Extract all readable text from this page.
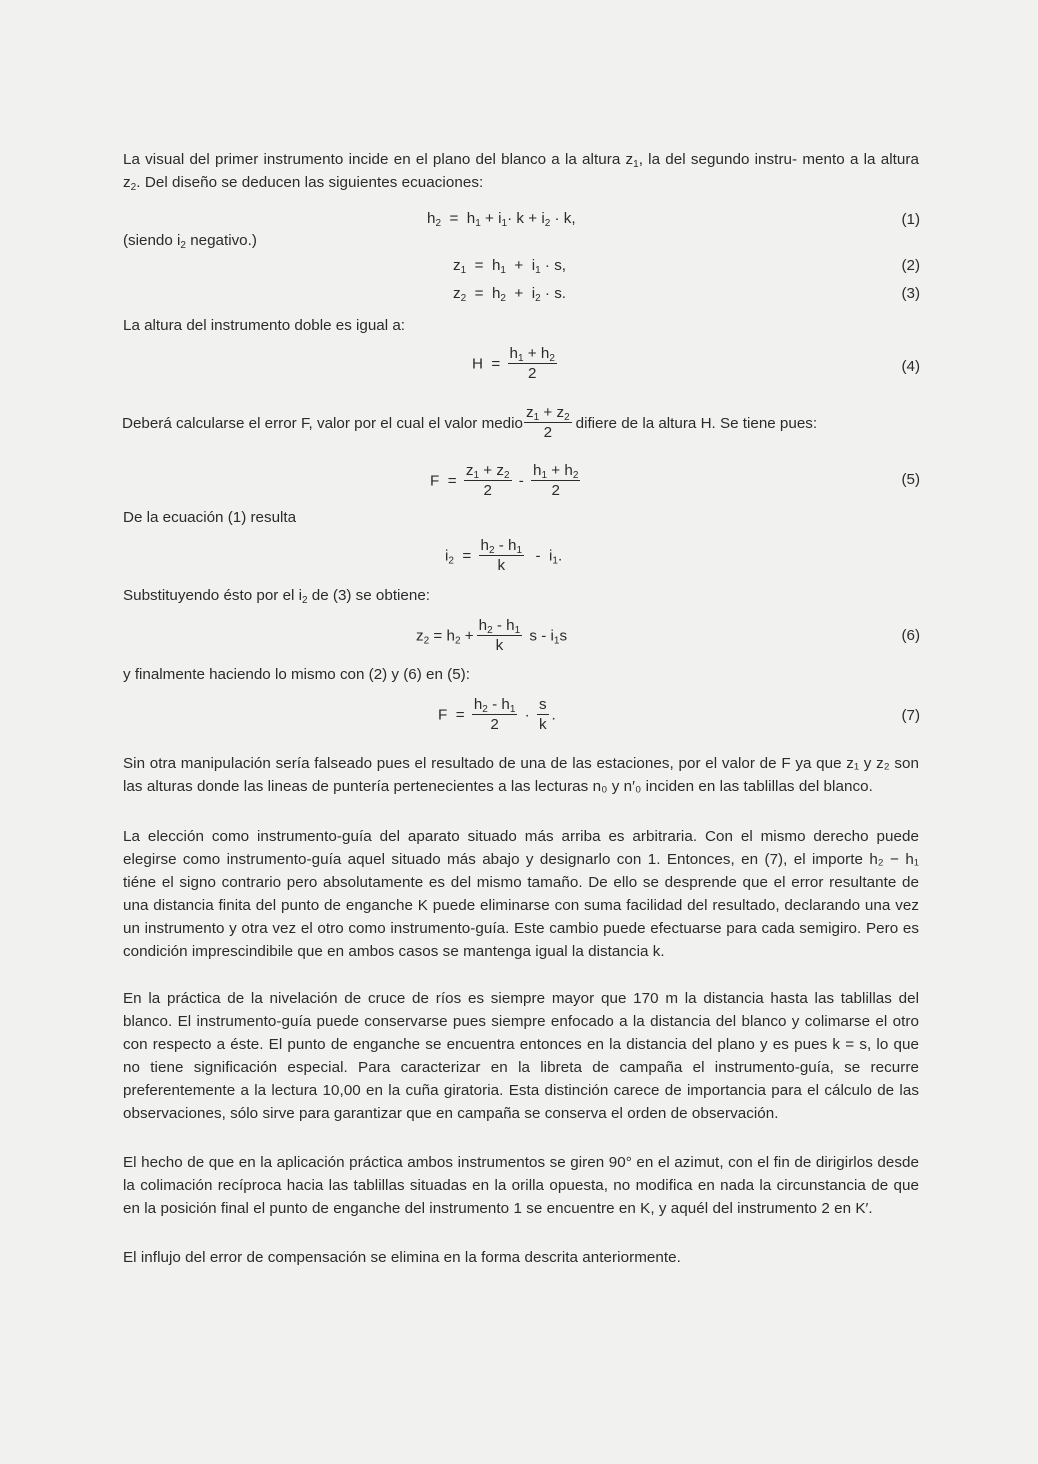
La visual del primer instrumento incide en el plano del blanco a la altura $z_1$, la del segundo instru- mento a la altura $z_2$. Del diseño se deducen las siguientes ecuaciones:
$h_2 = h_1 + i_1\cdot k + i_2 \cdot k$,	(1)
(siendo $i_2$ negativo.)
$z_1 = h_1 + i_1 \cdot s$,	(2)
$z_2 = h_2 + i_2 \cdot s$.	(3)
La altura del instrumento doble es igual a:
$H = \frac{h_1 + h_2}{2}$	(4)
Deberá calcularse el error F, valor por el cual el valor medio $\frac{z_1 + z_2}{2}$ difiere de la altura H. Se tiene pues:
$F = \frac{z_1 + z_2}{2} - \frac{h_1 + h_2}{2}$	(5)
De la ecuación (1) resulta
$i_2 = \frac{h_2 - h_1}{k} - i_1$.
Substituyendo ésto por el $i_2$ de (3) se obtiene:
$z_2 = h_2 + \frac{h_2 - h_1}{k}$ s - $i_1s$	(6)
y finalmente haciendo lo mismo con (2) y (6) en (5):
$F = \frac{h_2 - h_1}{2} \cdot \frac{s}{k}$ .	(7)
Sin otra manipulación sería falseado pues el resultado de una de las estaciones, por el valor de F ya que z₁ y z₂ son las alturas donde las lineas de puntería pertenecientes a las lecturas n₀ y n′₀ inciden en las tablillas del blanco.
La elección como instrumento-guía del aparato situado más arriba es arbitraria. Con el mismo derecho puede elegirse como instrumento-guía aquel situado más abajo y designarlo con 1. Entonces, en (7), el importe h₂ − h₁ tiéne el signo contrario pero absolutamente es del mismo tamaño. De ello se desprende que el error resultante de una distancia finita del punto de enganche K puede eliminarse con suma facilidad del resultado, declarando una vez un instrumento y otra vez el otro como instrumento-guía. Este cambio puede efectuarse para cada semigiro. Pero es condición imprescindibile que en ambos casos se mantenga igual la distancia k.
En la práctica de la nivelación de cruce de ríos es siempre mayor que 170 m la distancia hasta las tablillas del blanco. El instrumento-guía puede conservarse pues siempre enfocado a la distancia del blanco y colimarse el otro con respecto a éste. El punto de enganche se encuentra entonces en la distancia del plano y es pues k = s, lo que no tiene significación especial. Para caracterizar en la libreta de campaña el instrumento-guía, se recurre preferentemente a la lectura 10,00 en la cuña giratoria. Esta distinción carece de importancia para el cálculo de las observaciones, sólo sirve para garantizar que en campaña se conserva el orden de observación.
El hecho de que en la aplicación práctica ambos instrumentos se giren 90° en el azimut, con el fin de dirigirlos desde la colimación recíproca hacia las tablillas situadas en la orilla opuesta, no modifica en nada la circunstancia de que en la posición final el punto de enganche del instrumento 1 se encuentre en K, y aquél del instrumento 2 en K′.
El influjo del error de compensación se elimina en la forma descrita anteriormente.
